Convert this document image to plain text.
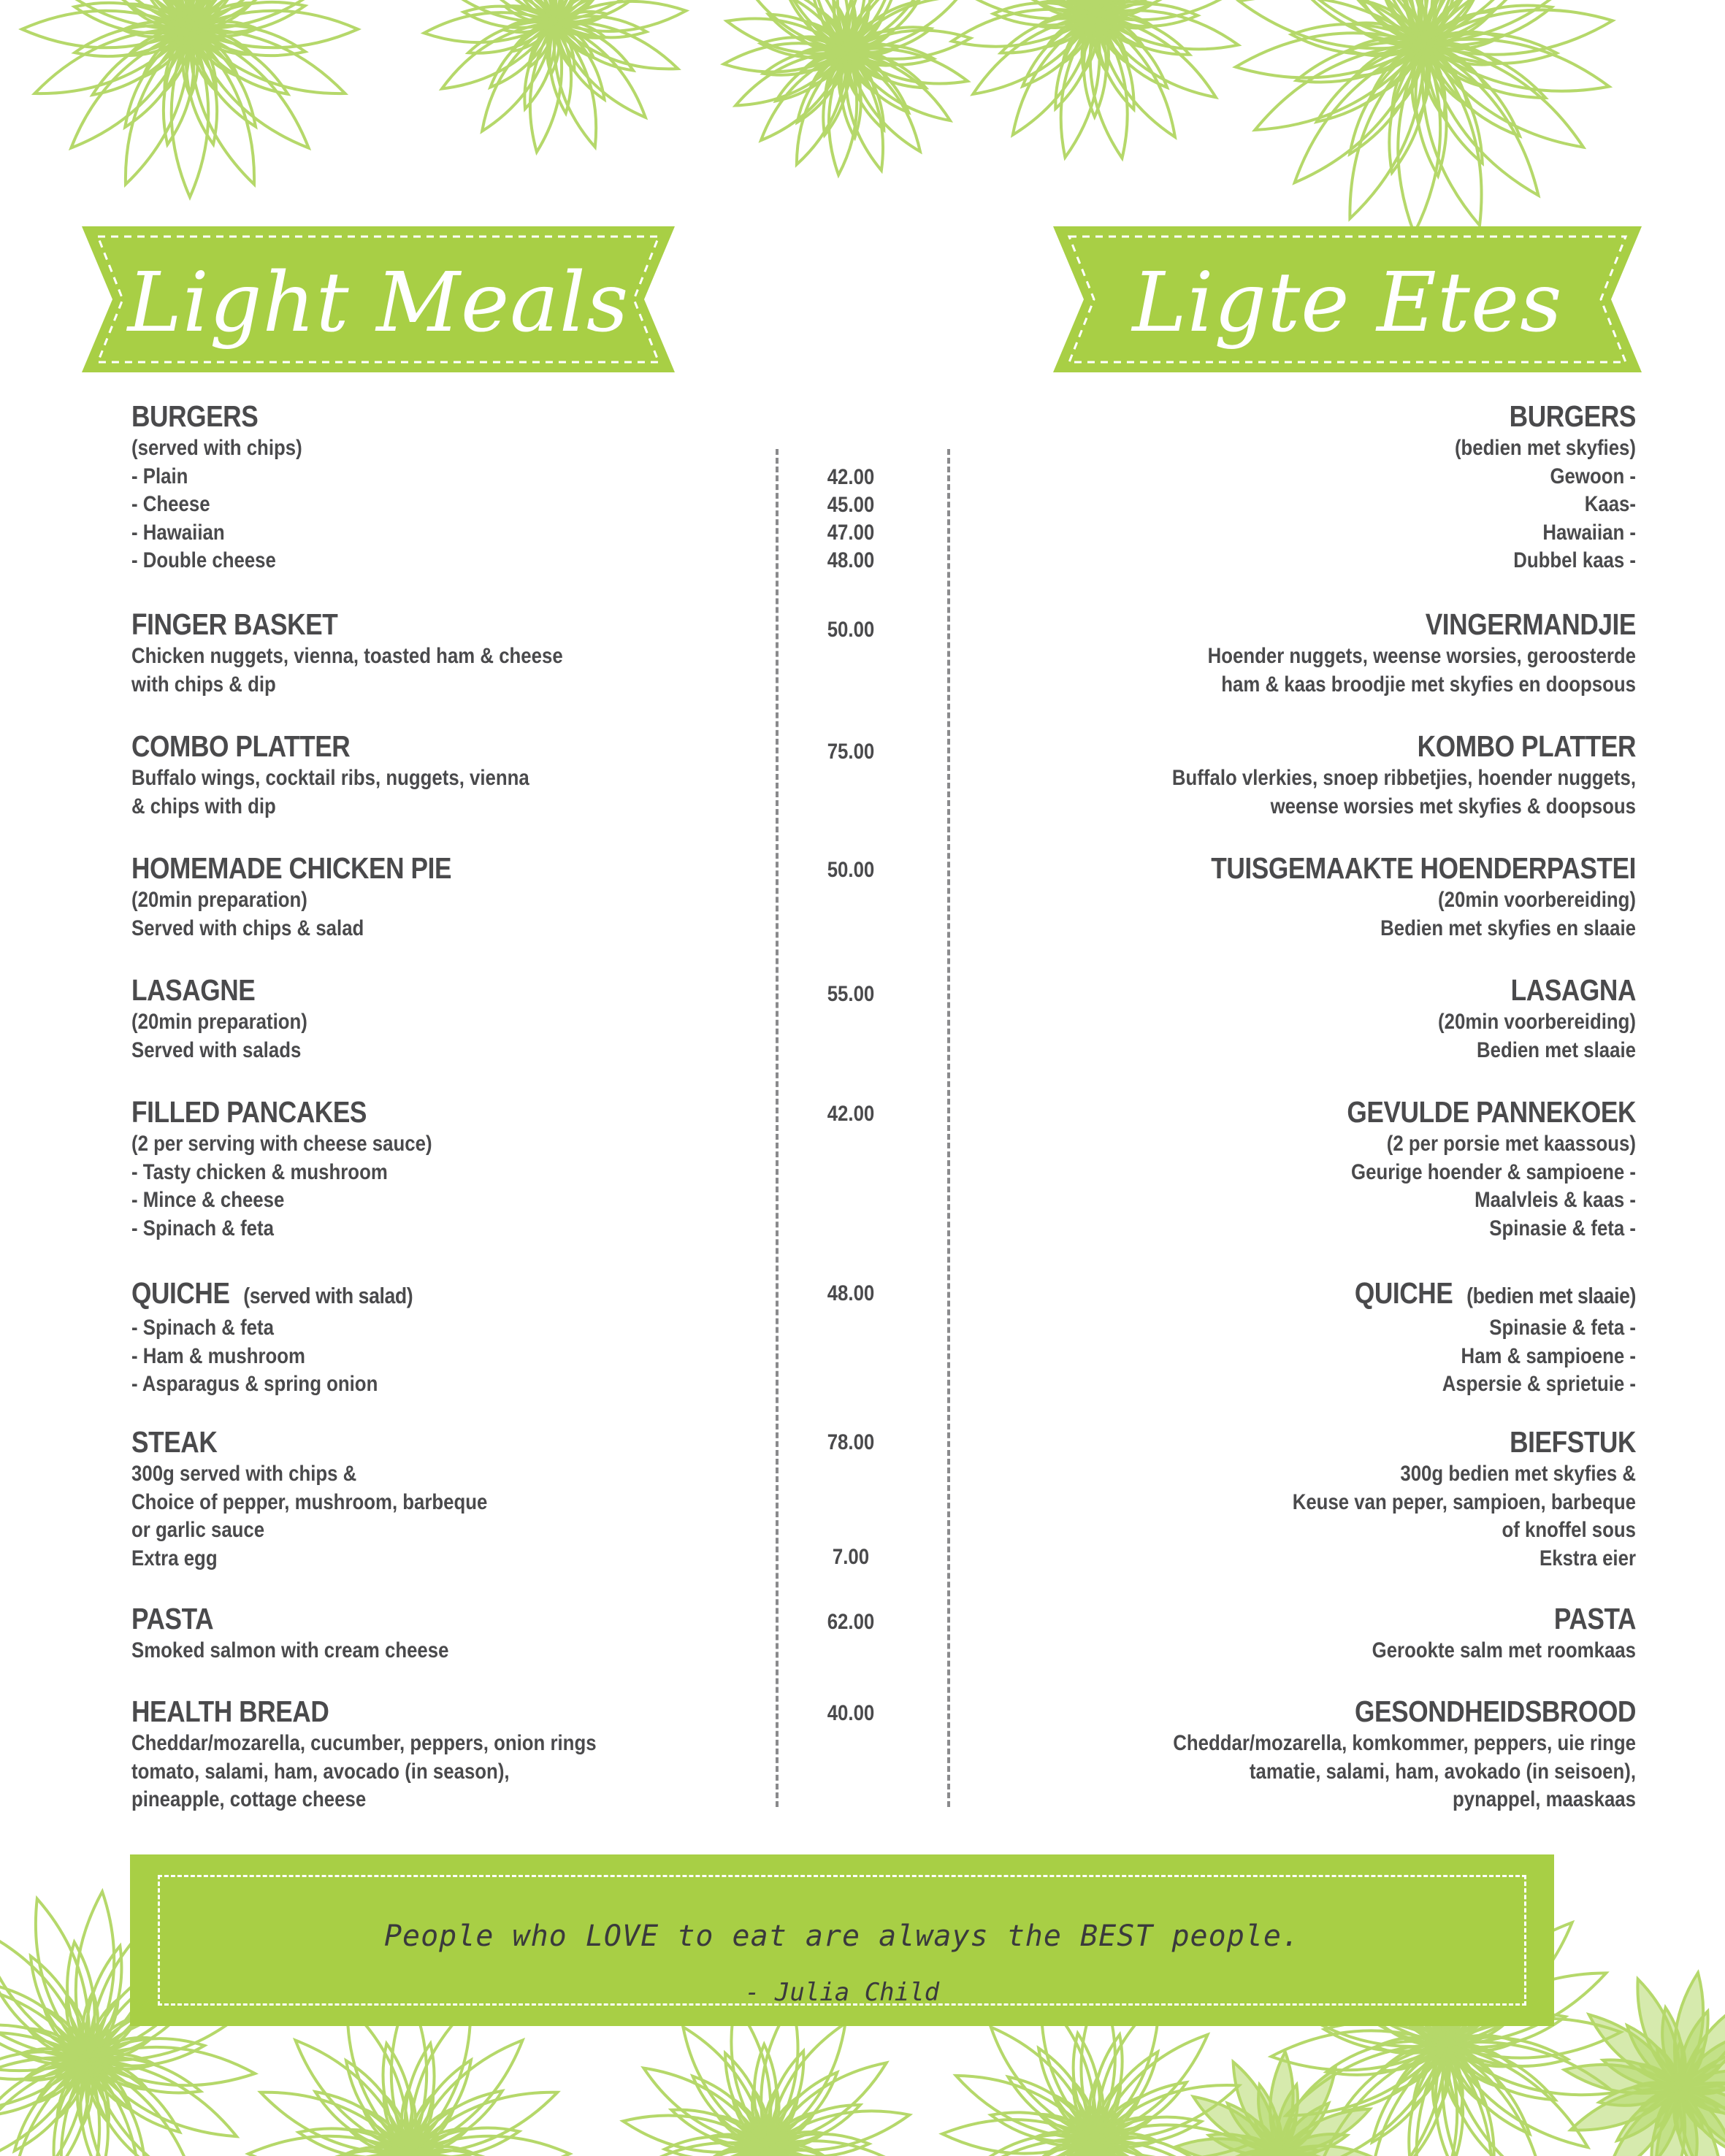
Light Meals	Ligte Etes
BURGERS
(served with chips)
- Plain
- Cheese
- Hawaiian
- Double cheese
FINGER BASKET
Chicken nuggets, vienna, toasted ham & cheese
with chips & dip
COMBO PLATTER
Buffalo wings, cocktail ribs, nuggets, vienna
& chips with dip
HOMEMADE CHICKEN PIE
(20min preparation)
Served with chips & salad
LASAGNE
(20min preparation)
Served with salads
FILLED PANCAKES
(2 per serving with cheese sauce)
- Tasty chicken & mushroom
- Mince & cheese
- Spinach & feta
QUICHE (served with salad)
- Spinach & feta
- Ham & mushroom
- Asparagus & spring onion
STEAK
300g served with chips &
Choice of pepper, mushroom, barbeque
or garlic sauce
Extra egg
PASTA
Smoked salmon with cream cheese
HEALTH BREAD
Cheddar/mozarella, cucumber, peppers, onion rings
tomato, salami, ham, avocado (in season),
pineapple, cottage cheese
42.00
45.00
47.00
48.00
50.00
75.00
50.00
55.00
42.00
48.00
78.00
7.00
62.00
40.00
BURGERS
(bedien met skyfies)
Gewoon -
Kaas-
Hawaiian -
Dubbel kaas -
VINGERMANDJIE
Hoender nuggets, weense worsies, geroosterde
ham & kaas broodjie met skyfies en doopsous
KOMBO PLATTER
Buffalo vlerkies, snoep ribbetjies, hoender nuggets,
weense worsies met skyfies & doopsous
TUISGEMAAKTE HOENDERPASTEI
(20min voorbereiding)
Bedien met skyfies en slaaie
LASAGNA
(20min voorbereiding)
Bedien met slaaie
GEVULDE PANNEKOEK
(2 per porsie met kaassous)
Geurige hoender & sampioene -
Maalvleis & kaas -
Spinasie & feta -
QUICHE (bedien met slaaie)
Spinasie & feta -
Ham & sampioene -
Aspersie & sprietuie -
BIEFSTUK
300g bedien met skyfies &
Keuse van peper, sampioen, barbeque
of knoffel sous
Ekstra eier
PASTA
Gerookte salm met roomkaas
GESONDHEIDSBROOD
Cheddar/mozarella, komkommer, peppers, uie ringe
tamatie, salami, ham, avokado (in seisoen),
pynappel, maaskaas
People who LOVE to eat are always the BEST people.
- Julia Child
